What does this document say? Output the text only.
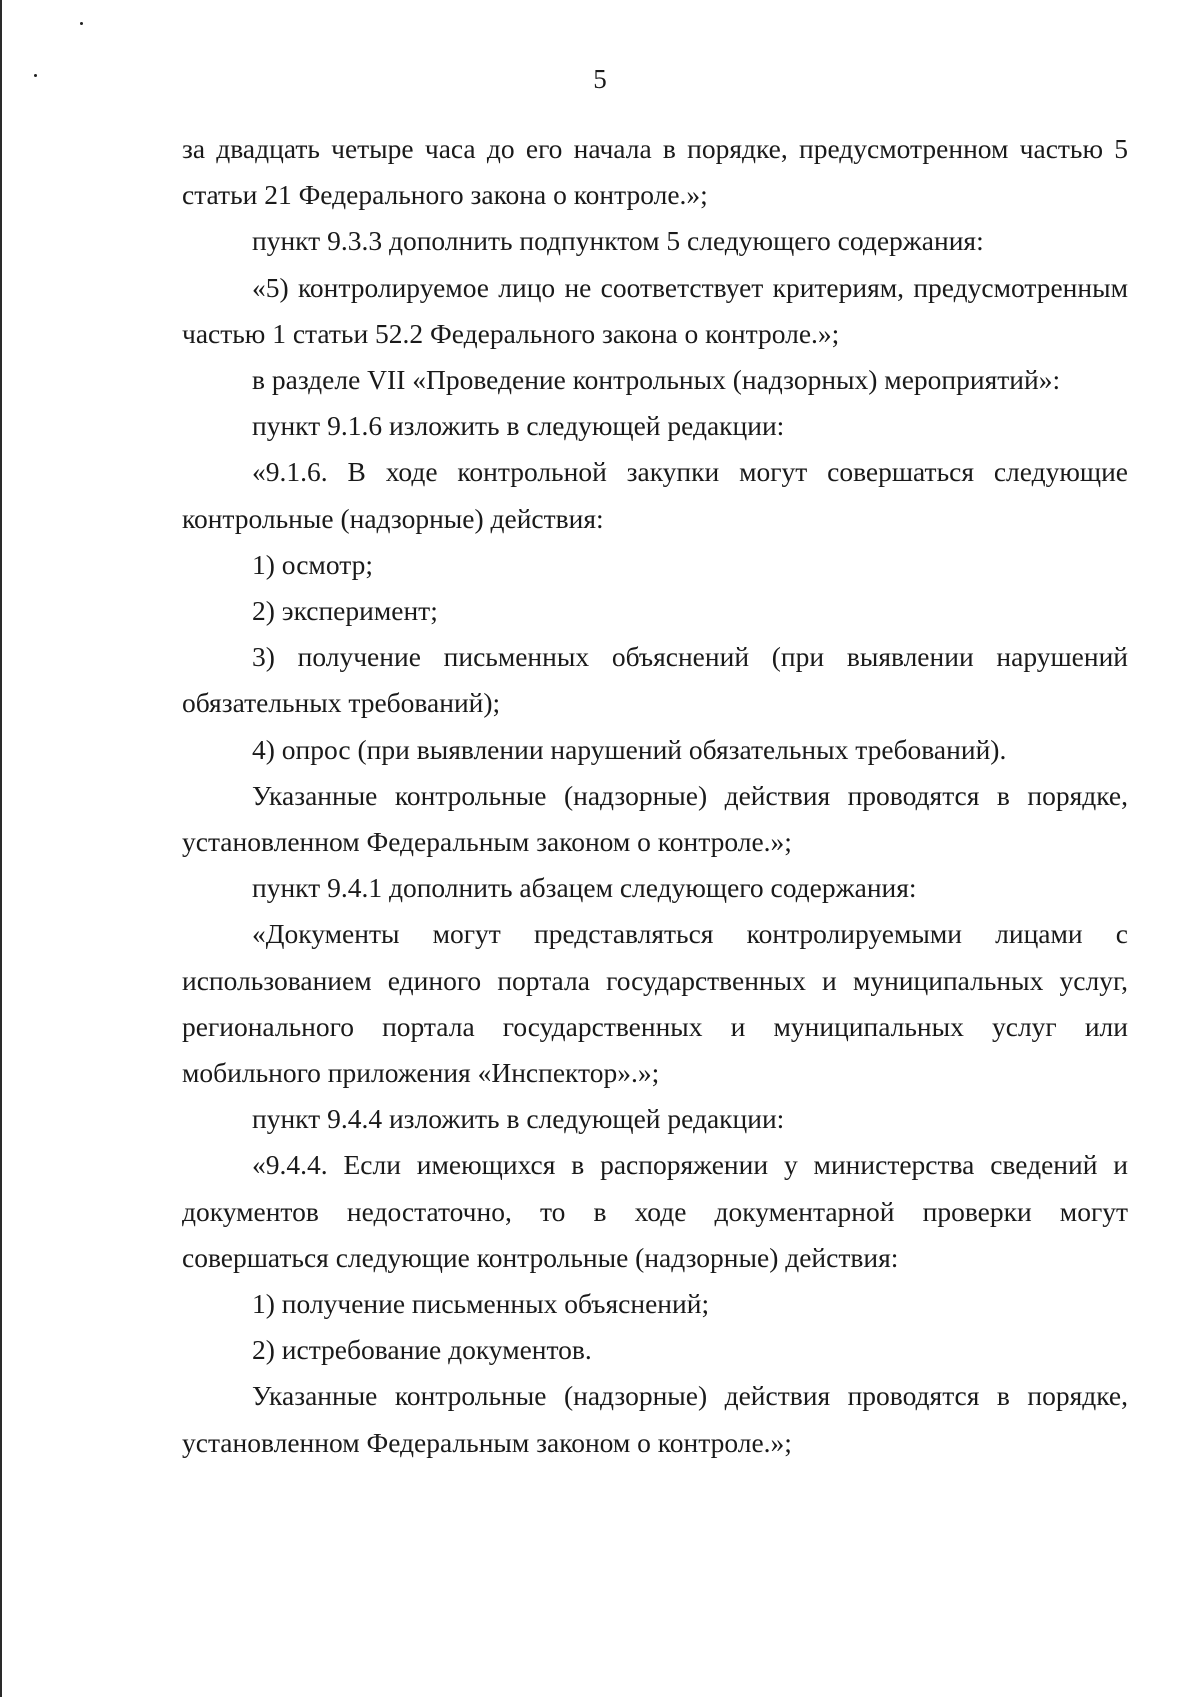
5

за двадцать четыре часа до его начала в порядке, предусмотренном частью 5 статьи 21 Федерального закона о контроле.»;

пункт 9.3.3 дополнить подпунктом 5 следующего содержания:

«5) контролируемое лицо не соответствует критериям, предусмотренным частью 1 статьи 52.2 Федерального закона о контроле.»;

в разделе VII «Проведение контрольных (надзорных) мероприятий»:

пункт 9.1.6 изложить в следующей редакции:

«9.1.6. В ходе контрольной закупки могут совершаться следующие контрольные (надзорные) действия:

1) осмотр;

2) эксперимент;

3) получение письменных объяснений (при выявлении нарушений обязательных требований);

4) опрос (при выявлении нарушений обязательных требований).

Указанные контрольные (надзорные) действия проводятся в порядке, установленном Федеральным законом о контроле.»;

пункт 9.4.1 дополнить абзацем следующего содержания:

«Документы могут представляться контролируемыми лицами с использованием единого портала государственных и муниципальных услуг, регионального портала государственных и муниципальных услуг или мобильного приложения «Инспектор».»;

пункт 9.4.4 изложить в следующей редакции:

«9.4.4. Если имеющихся в распоряжении у министерства сведений и документов недостаточно, то в ходе документарной проверки могут совершаться следующие контрольные (надзорные) действия:

1) получение письменных объяснений;

2) истребование документов.

Указанные контрольные (надзорные) действия проводятся в порядке, установленном Федеральным законом о контроле.»;
